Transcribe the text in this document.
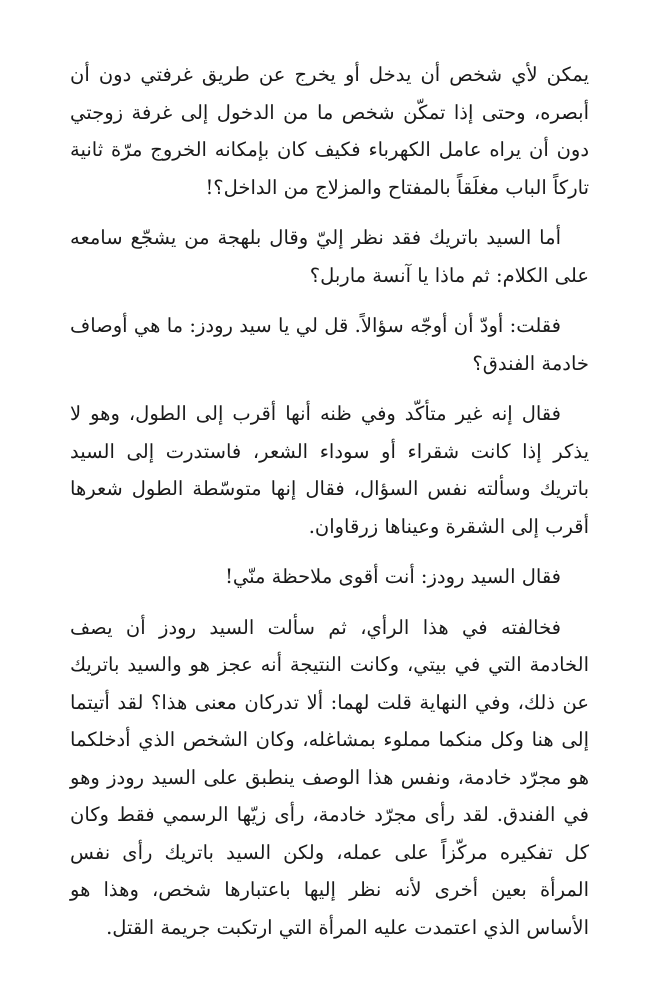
يمكن لأي شخص أن يدخل أو يخرج عن طريق غرفتي دون أن أبصره، وحتى إذا تمكّن شخص ما من الدخول إلى غرفة زوجتي دون أن يراه عامل الكهرباء فكيف كان بإمكانه الخروج مرّة ثانية تاركاً الباب مغلَقاً بالمفتاح والمزلاج من الداخل؟!

أما السيد باتريك فقد نظر إليّ وقال بلهجة من يشجّع سامعه على الكلام: ثم ماذا يا آنسة ماربل؟

فقلت: أودّ أن أوجّه سؤالاً. قل لي يا سيد رودز: ما هي أوصاف خادمة الفندق؟

فقال إنه غير متأكّد وفي ظنه أنها أقرب إلى الطول، وهو لا يذكر إذا كانت شقراء أو سوداء الشعر، فاستدرت إلى السيد باتريك وسألته نفس السؤال، فقال إنها متوسّطة الطول شعرها أقرب إلى الشقرة وعيناها زرقاوان.

فقال السيد رودز: أنت أقوى ملاحظة منّي!

فخالفته في هذا الرأي، ثم سألت السيد رودز أن يصف الخادمة التي في بيتي، وكانت النتيجة أنه عجز هو والسيد باتريك عن ذلك، وفي النهاية قلت لهما: ألا تدركان معنى هذا؟ لقد أتيتما إلى هنا وكل منكما مملوء بمشاغله، وكان الشخص الذي أدخلكما هو مجرّد خادمة، ونفس هذا الوصف ينطبق على السيد رودز وهو في الفندق. لقد رأى مجرّد خادمة، رأى زيّها الرسمي فقط وكان كل تفكيره مركّزاً على عمله، ولكن السيد باتريك رأى نفس المرأة بعين أخرى لأنه نظر إليها باعتبارها شخص، وهذا هو الأساس الذي اعتمدت عليه المرأة التي ارتكبت جريمة القتل.
